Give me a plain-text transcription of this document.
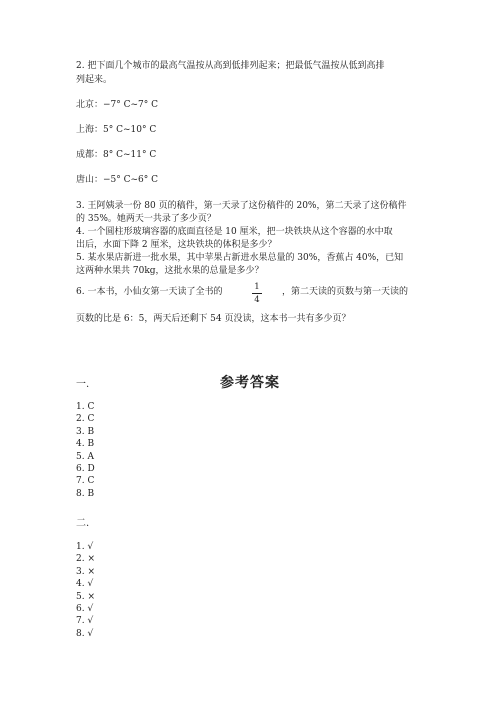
2. 把下面几个城市的最高气温按从高到低排列起来；把最低气温按从低到高排
列起来。
北京：−7° C~7° C
上海：5° C~10° C
成都：8° C~11° C
唐山：−5° C~6° C
3. 王阿姨录一份 80 页的稿件，第一天录了这份稿件的 20%，第二天录了这份稿件
的 35%。她两天一共录了多少页？
4. 一个圆柱形玻璃容器的底面直径是 10 厘米，把一块铁块从这个容器的水中取
出后，水面下降 2 厘米，这块铁块的体积是多少？
5. 某水果店新进一批水果，其中苹果占新进水果总量的 30%，香蕉占 40%，已知
这两种水果共 70kg，这批水果的总量是多少？
6. 一本书，小仙女第一天读了全书的	1
4
，第二天读的页数与第一天读的
页数的比是 6：5，两天后还剩下 54 页没读，这本书一共有多少页？
参考答案
一.
1. C
2. C
3. B
4. B
5. A
6. D
7. C
8. B
二.
1. √
2. ×
3. ×
4. √
5. ×
6. √
7. √
8. √
